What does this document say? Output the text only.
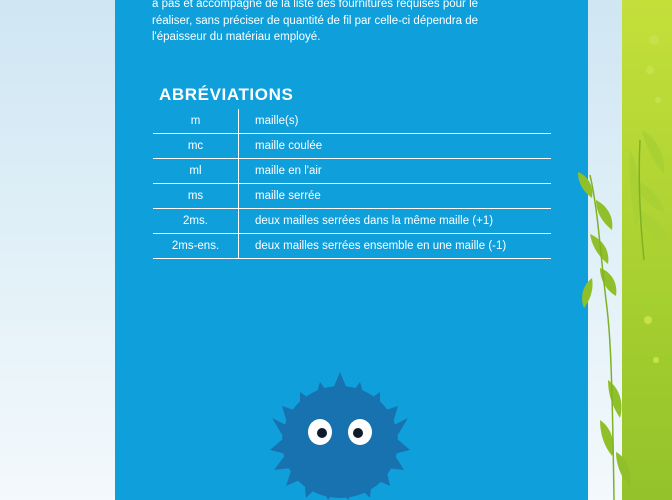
à pas et accompagné de la liste des fournitures requises pour le
réaliser, sans préciser de quantité de fil par celle-ci dépendra de
l'épaisseur du matériau employé.

ABRÉVIATIONS
m	maille(s)
mc	maille coulée
ml	maille en l'air
ms	maille serrée
2ms.	deux mailles serrées dans la même maille (+1)
2ms-ens.	deux mailles serrées ensemble en une maille (-1)
